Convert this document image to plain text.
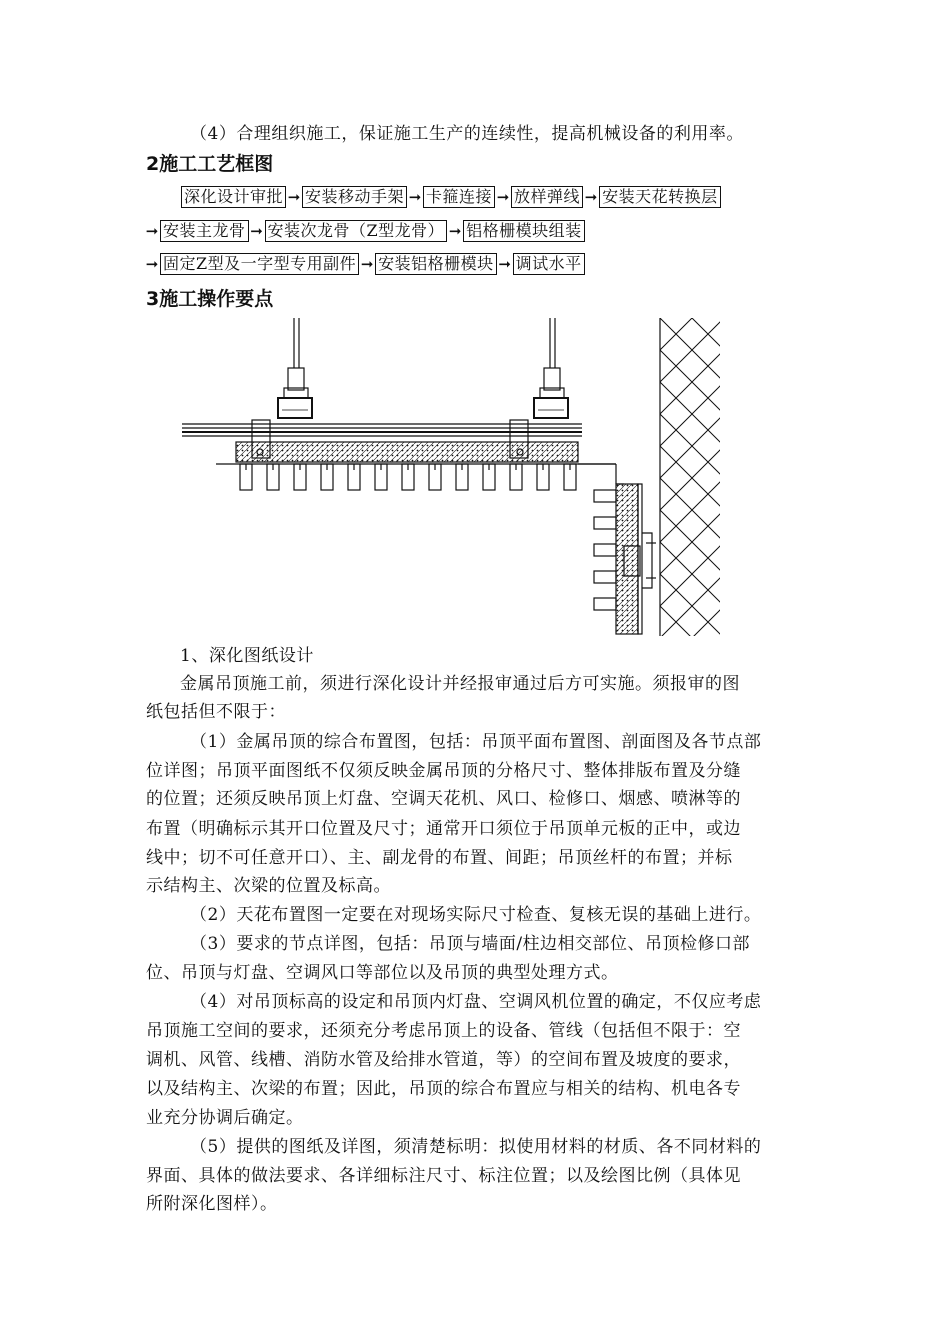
（4）合理组织施工，保证施工生产的连续性，提高机械设备的利用率。
2施工工艺框图
深化设计审批 ➞ 安装移动手架 ➞ 卡箍连接 ➞ 放样弹线 ➞ 安装天花转换层
➞ 安装主龙骨 ➞ 安装次龙骨（Z型龙骨） ➞ 铝格栅模块组装
➞ 固定Z型及一字型专用副件 ➞ 安装铝格栅模块 ➞ 调试水平
3施工操作要点
1、深化图纸设计
金属吊顶施工前，须进行深化设计并经报审通过后方可实施。须报审的图
纸包括但不限于：
（1）金属吊顶的综合布置图，包括：吊顶平面布置图、剖面图及各节点部
位详图；吊顶平面图纸不仅须反映金属吊顶的分格尺寸、整体排版布置及分缝
的位置；还须反映吊顶上灯盘、空调天花机、风口、检修口、烟感、喷淋等的
布置（明确标示其开口位置及尺寸；通常开口须位于吊顶单元板的正中，或边
线中；切不可任意开口）、主、副龙骨的布置、间距；吊顶丝杆的布置；并标
示结构主、次梁的位置及标高。
（2）天花布置图一定要在对现场实际尺寸检查、复核无误的基础上进行。
（3）要求的节点详图，包括：吊顶与墙面/柱边相交部位、吊顶检修口部
位、吊顶与灯盘、空调风口等部位以及吊顶的典型处理方式。
（4）对吊顶标高的设定和吊顶内灯盘、空调风机位置的确定，不仅应考虑
吊顶施工空间的要求，还须充分考虑吊顶上的设备、管线（包括但不限于：空
调机、风管、线槽、消防水管及给排水管道，等）的空间布置及坡度的要求，
以及结构主、次梁的布置；因此，吊顶的综合布置应与相关的结构、机电各专
业充分协调后确定。
（5）提供的图纸及详图，须清楚标明：拟使用材料的材质、各不同材料的
界面、具体的做法要求、各详细标注尺寸、标注位置；以及绘图比例（具体见
所附深化图样）。
